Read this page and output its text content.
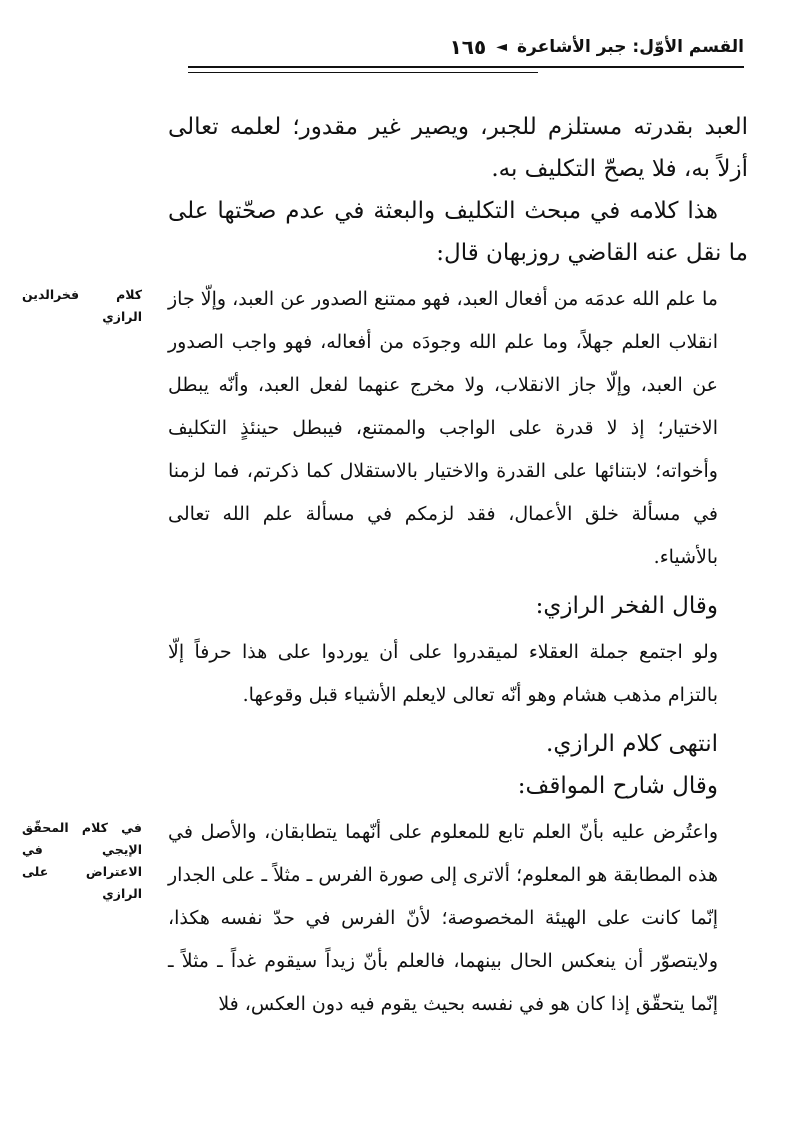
القسم الأوّل: جبر الأشاعرة
◄
١٦٥

العبد بقدرته مستلزم للجبر، ويصير غير مقدور؛ لعلمه تعالى أزلاً به، فلا يصحّ التكليف به.

هذا كلامه في مبحث التكليف والبعثة في عدم صحّتها على ما نقل عنه القاضي روزبهان قال:

ما علم الله عدمَه من أفعال العبد، فهو ممتنع الصدور عن العبد، وإلّا جاز انقلاب العلم جهلاً، وما علم الله وجودَه من أفعاله، فهو واجب الصدور عن العبد، وإلّا جاز الانقلاب، ولا مخرج عنهما لفعل العبد، وأنّه يبطل الاختيار؛ إذ لا قدرة على الواجب والممتنع، فيبطل حينئذٍ التكليف وأخواته؛ لابتنائها على القدرة والاختيار بالاستقلال كما ذكرتم، فما لزمنا في مسألة خلق الأعمال، فقد لزمكم في مسألة علم الله تعالى بالأشياء.

كلام فخرالدين الرازي

وقال الفخر الرازي:

ولو اجتمع جملة العقلاء لميقدروا على أن يوردوا على هذا حرفاً إلّا بالتزام مذهب هشام وهو أنّه تعالى لايعلم الأشياء قبل وقوعها.

انتهى كلام الرازي.

وقال شارح المواقف:

واعتُرض عليه بأنّ العلم تابع للمعلوم على أنّهما يتطابقان، والأصل في هذه المطابقة هو المعلوم؛ ألاترى إلى صورة الفرس ـ مثلاً ـ على الجدار إنّما كانت على الهيئة المخصوصة؛ لأنّ الفرس في حدّ نفسه هكذا، ولايتصوّر أن ينعكس الحال بينهما، فالعلم بأنّ زيداً سيقوم غداً ـ مثلاً ـ إنّما يتحقّق إذا كان هو في نفسه بحيث يقوم فيه دون العكس، فلا

في كلام المحقّق الإيجي في الاعتراض على الرازي
